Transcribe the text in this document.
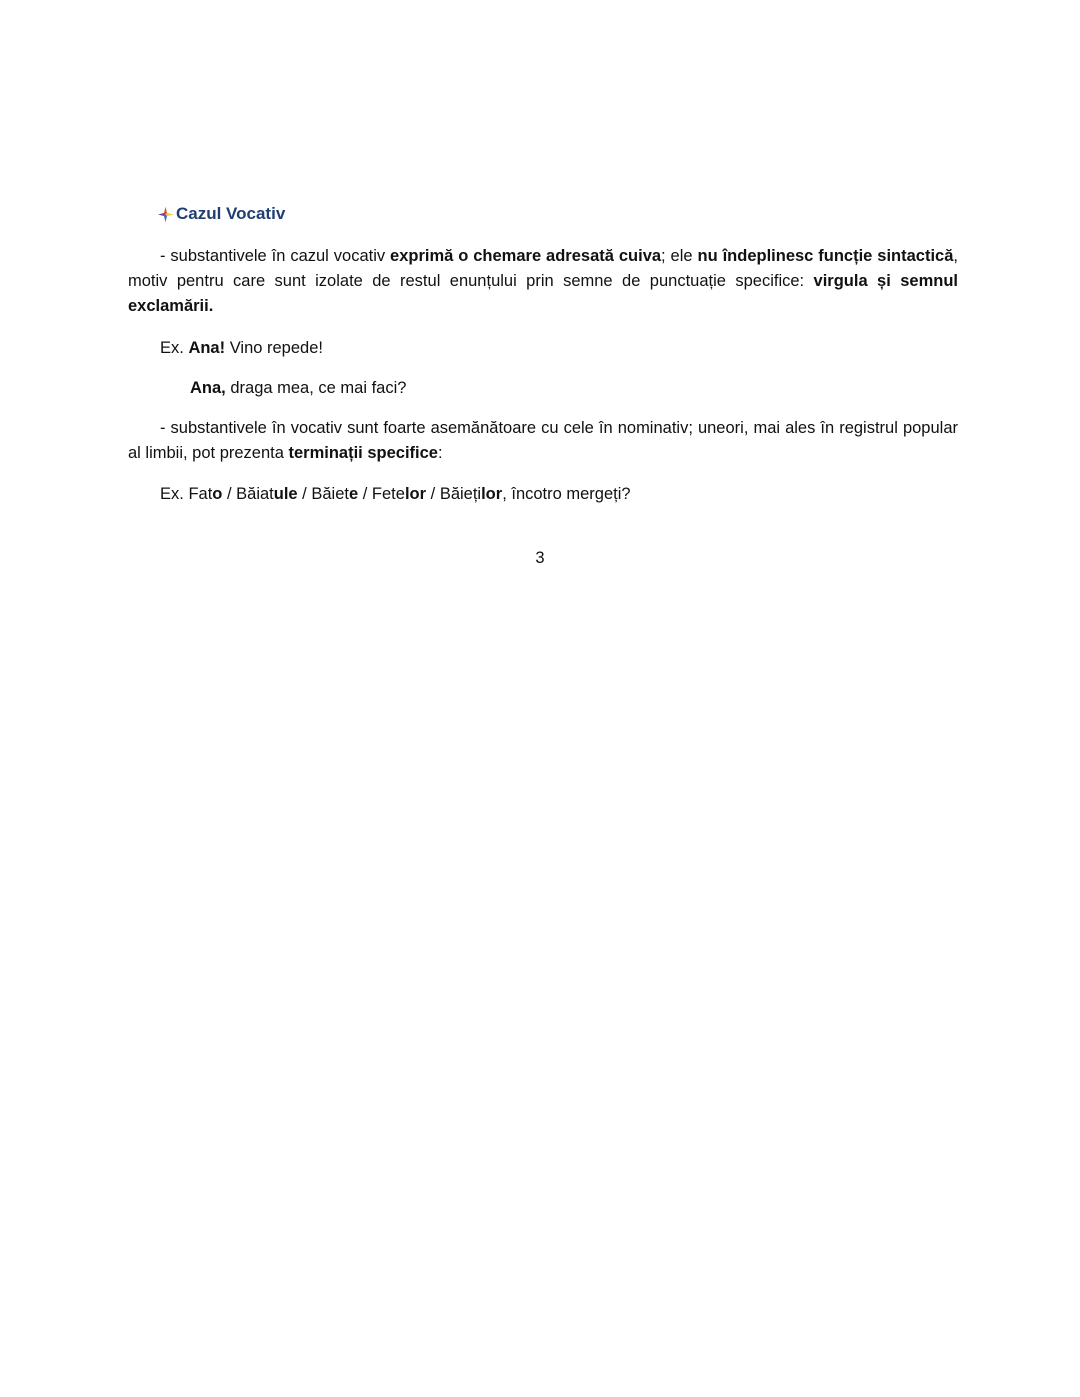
Cazul Vocativ
- substantivele în cazul vocativ exprimă o chemare adresată cuiva; ele nu îndeplinesc funcție sintactică, motiv pentru care sunt izolate de restul enunțului prin semne de punctuație specifice: virgula și semnul exclamării.
Ex. Ana! Vino repede!
Ana, draga mea, ce mai faci?
- substantivele în vocativ sunt foarte asemănătoare cu cele în nominativ; uneori, mai ales în registrul popular al limbii, pot prezenta terminații specifice:
Ex. Fato / Băiatule / Băiete / Fetelor / Băieților, încotro mergeți?
3
